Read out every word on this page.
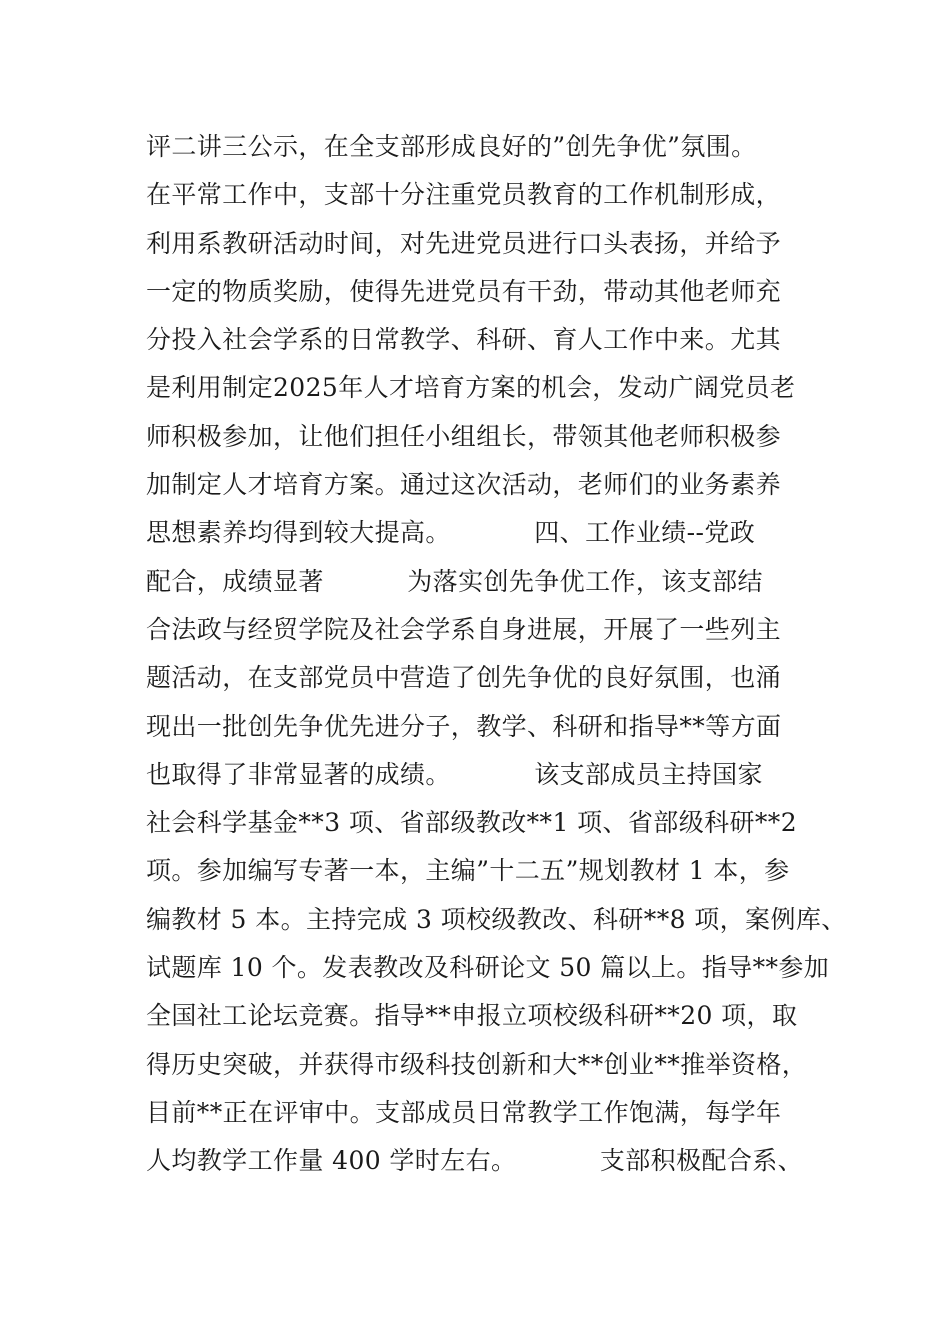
评二讲三公示，在全支部形成良好的”创先争优”氛围。
在平常工作中，支部十分注重党员教育的工作机制形成，
利用系教研活动时间，对先进党员进行口头表扬，并给予
一定的物质奖励，使得先进党员有干劲，带动其他老师充
分投入社会学系的日常教学、科研、育人工作中来。尤其
是利用制定2025年人才培育方案的机会，发动广阔党员老
师积极参加，让他们担任小组组长，带领其他老师积极参
加制定人才培育方案。通过这次活动，老师们的业务素养
思想素养均得到较大提高。          四、工作业绩--党政
配合，成绩显著          为落实创先争优工作，该支部结
合法政与经贸学院及社会学系自身进展，开展了一些列主
题活动，在支部党员中营造了创先争优的良好氛围，也涌
现出一批创先争优先进分子，教学、科研和指导**等方面
也取得了非常显著的成绩。          该支部成员主持国家
社会科学基金**3 项、省部级教改**1 项、省部级科研**2
项。参加编写专著一本，主编”十二五”规划教材 1 本，参
编教材 5 本。主持完成 3 项校级教改、科研**8 项，案例库、
试题库 10 个。发表教改及科研论文 50 篇以上。指导**参加
全国社工论坛竞赛。指导**申报立项校级科研**20 项，取
得历史突破，并获得市级科技创新和大**创业**推举资格，
目前**正在评审中。支部成员日常教学工作饱满，每学年
人均教学工作量 400 学时左右。          支部积极配合系、
